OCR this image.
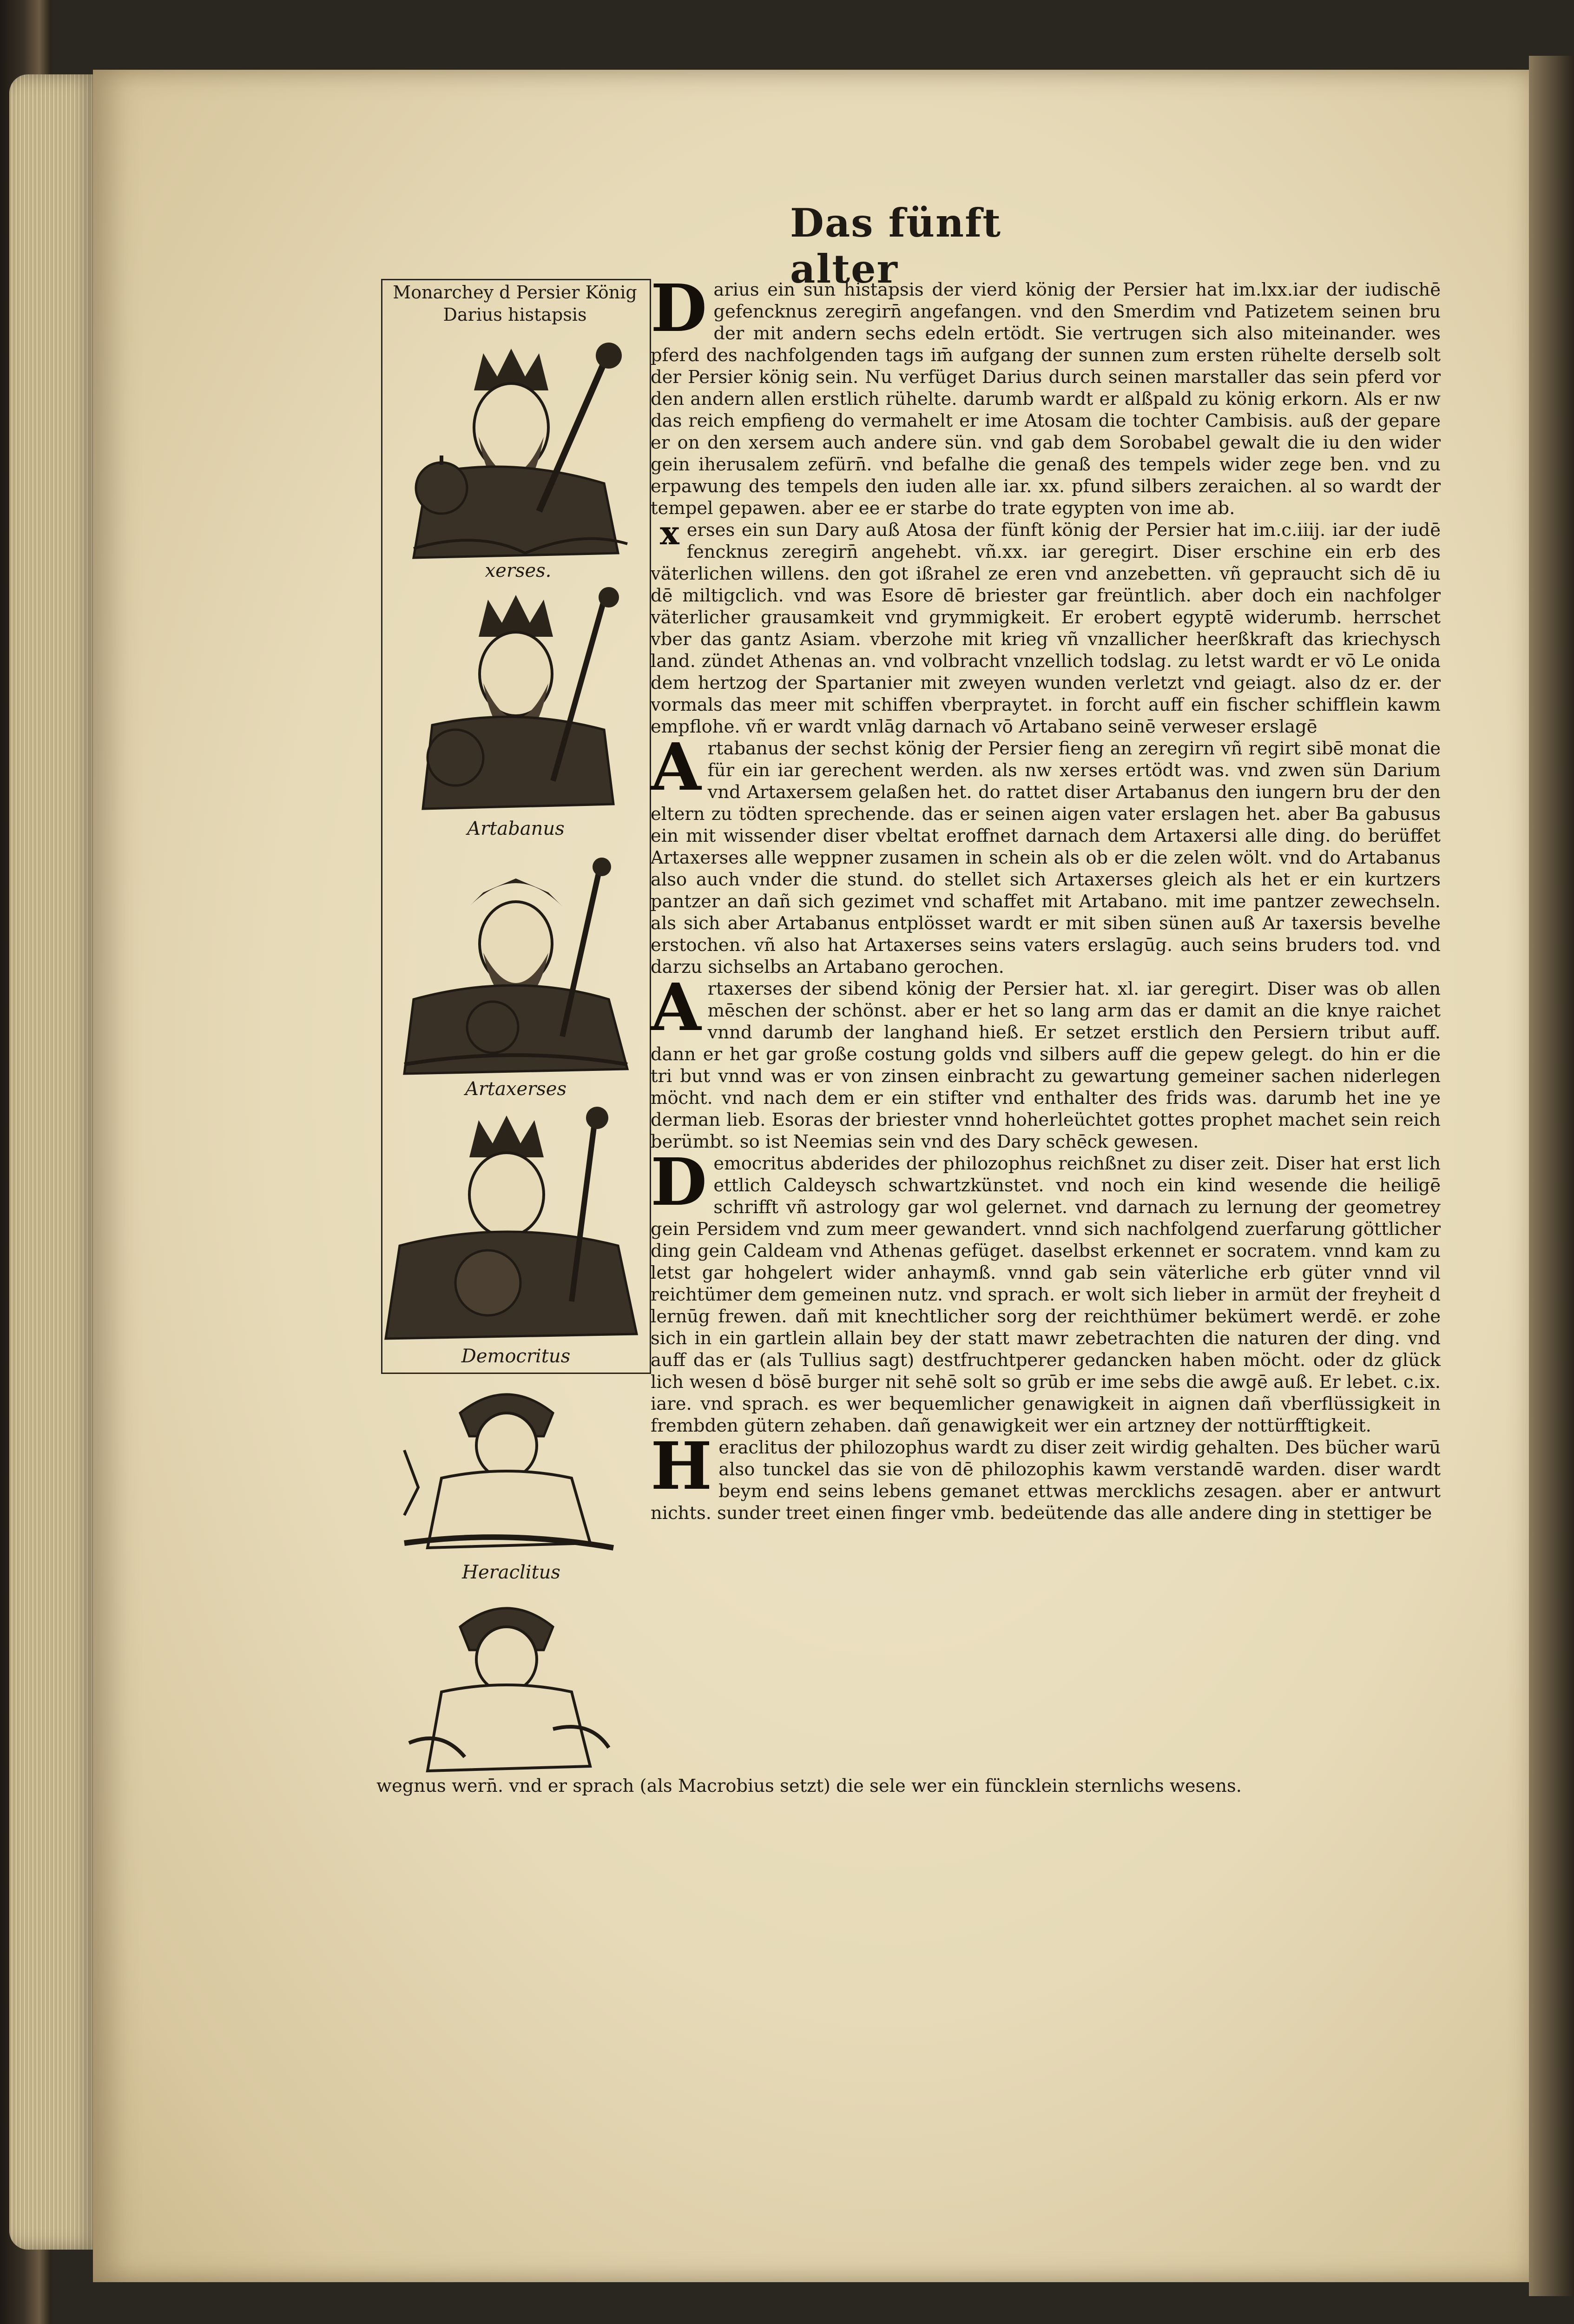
Das fünft alter
Monarchey d Persier König
Darius histapsis
xerses.
Artabanus
Artaxerses
Democritus
Heraclitus
D arius ein sun histapsis der vierd könig der Persier hat im.lxx.iar der iudischē gefencknus zeregirn̄ angefangen. vnd den Smerdim vnd Patizetem seinen bru der mit andern sechs edeln ertödt. Sie vertrugen sich also miteinander. wes pferd des nachfolgenden tags im̄ aufgang der sunnen zum ersten rühelte derselb solt der Persier könig sein. Nu verfüget Darius durch seinen marstaller das sein pferd vor den andern allen erstlich rühelte. darumb wardt er alßpald zu könig erkorn. Als er nw das reich empfieng do vermahelt er ime Atosam die tochter Cambisis. auß der gepare er on den xersem auch andere sün. vnd gab dem Sorobabel gewalt die iu den wider gein iherusalem zefürn̄. vnd befalhe die genaß des tempels wider zege ben. vnd zu erpawung des tempels den iuden alle iar. xx. pfund silbers zeraichen. al so wardt der tempel gepawen. aber ee er starbe do trate egypten von ime ab.
x erses ein sun Dary auß Atosa der fünft könig der Persier hat im.c.iiij. iar der iudē fencknus zeregirn̄ angehebt. vñ.xx. iar geregirt. Diser erschine ein erb des väterlichen willens. den got ißrahel ze eren vnd anzebetten. vñ gepraucht sich dē iu dē miltigclich. vnd was Esore dē briester gar freüntlich. aber doch ein nachfolger väterlicher grausamkeit vnd grymmigkeit. Er erobert egyptē widerumb. herrschet vber das gantz Asiam. vberzohe mit krieg vñ vnzallicher heerßkraft das kriechysch land. zündet Athenas an. vnd volbracht vnzellich todslag. zu letst wardt er vō Le onida dem hertzog der Spartanier mit zweyen wunden verletzt vnd geiagt. also dz er. der vormals das meer mit schiffen vberpraytet. in forcht auff ein fischer schifflein kawm empflohe. vñ er wardt vnlāg darnach vō Artabano seinē verweser erslagē
A rtabanus der sechst könig der Persier fieng an zeregirn vñ regirt sibē monat die für ein iar gerechent werden. als nw xerses ertödt was. vnd zwen sün Darium vnd Artaxersem gelaßen het. do rattet diser Artabanus den iungern bru der den eltern zu tödten sprechende. das er seinen aigen vater erslagen het. aber Ba gabusus ein mit wissender diser vbeltat eroffnet darnach dem Artaxersi alle ding. do berüffet Artaxerses alle weppner zusamen in schein als ob er die zelen wölt. vnd do Artabanus also auch vnder die stund. do stellet sich Artaxerses gleich als het er ein kurtzers pantzer an dañ sich gezimet vnd schaffet mit Artabano. mit ime pantzer zewechseln. als sich aber Artabanus entplösset wardt er mit siben sünen auß Ar taxersis bevelhe erstochen. vñ also hat Artaxerses seins vaters erslagūg. auch seins bruders tod. vnd darzu sichselbs an Artabano gerochen.
A rtaxerses der sibend könig der Persier hat. xl. iar geregirt. Diser was ob allen mēschen der schönst. aber er het so lang arm das er damit an die knye raichet vnnd darumb der langhand hieß. Er setzet erstlich den Persiern tribut auff. dann er het gar große costung golds vnd silbers auff die gepew gelegt. do hin er die tri but vnnd was er von zinsen einbracht zu gewartung gemeiner sachen niderlegen möcht. vnd nach dem er ein stifter vnd enthalter des frids was. darumb het ine ye derman lieb. Esoras der briester vnnd hoherleüchtet gottes prophet machet sein reich berümbt. so ist Neemias sein vnd des Dary schēck gewesen.
D emocritus abderides der philozophus reichßnet zu diser zeit. Diser hat erst lich ettlich Caldeysch schwartzkünstet. vnd noch ein kind wesende die heiligē schrifft vñ astrology gar wol gelernet. vnd darnach zu lernung der geometrey gein Persidem vnd zum meer gewandert. vnnd sich nachfolgend zuerfarung göttlicher ding gein Caldeam vnd Athenas gefüget. daselbst erkennet er socratem. vnnd kam zu letst gar hohgelert wider anhaymß. vnnd gab sein väterliche erb güter vnnd vil reichtümer dem gemeinen nutz. vnd sprach. er wolt sich lieber in armüt der freyheit d lernūg frewen. dañ mit knechtlicher sorg der reichthümer bekümert werdē. er zohe sich in ein gartlein allain bey der statt mawr zebetrachten die naturen der ding. vnd auff das er (als Tullius sagt) destfruchtperer gedancken haben möcht. oder dz glück lich wesen d bösē burger nit sehē solt so grūb er ime sebs die awgē auß. Er lebet. c.ix. iare. vnd sprach. es wer bequemlicher genawigkeit in aignen dañ vberflüssigkeit in frembden gütern zehaben. dañ genawigkeit wer ein artzney der nottürfftigkeit.
H eraclitus der philozophus wardt zu diser zeit wirdig gehalten. Des bücher warū also tunckel das sie von dē philozophis kawm verstandē warden. diser wardt beym end seins lebens gemanet ettwas mercklichs zesagen. aber er antwurt nichts. sunder treet einen finger vmb. bedeütende das alle andere ding in stettiger be
wegnus wern̄. vnd er sprach (als Macrobius setzt) die sele wer ein füncklein sternlichs wesens.
